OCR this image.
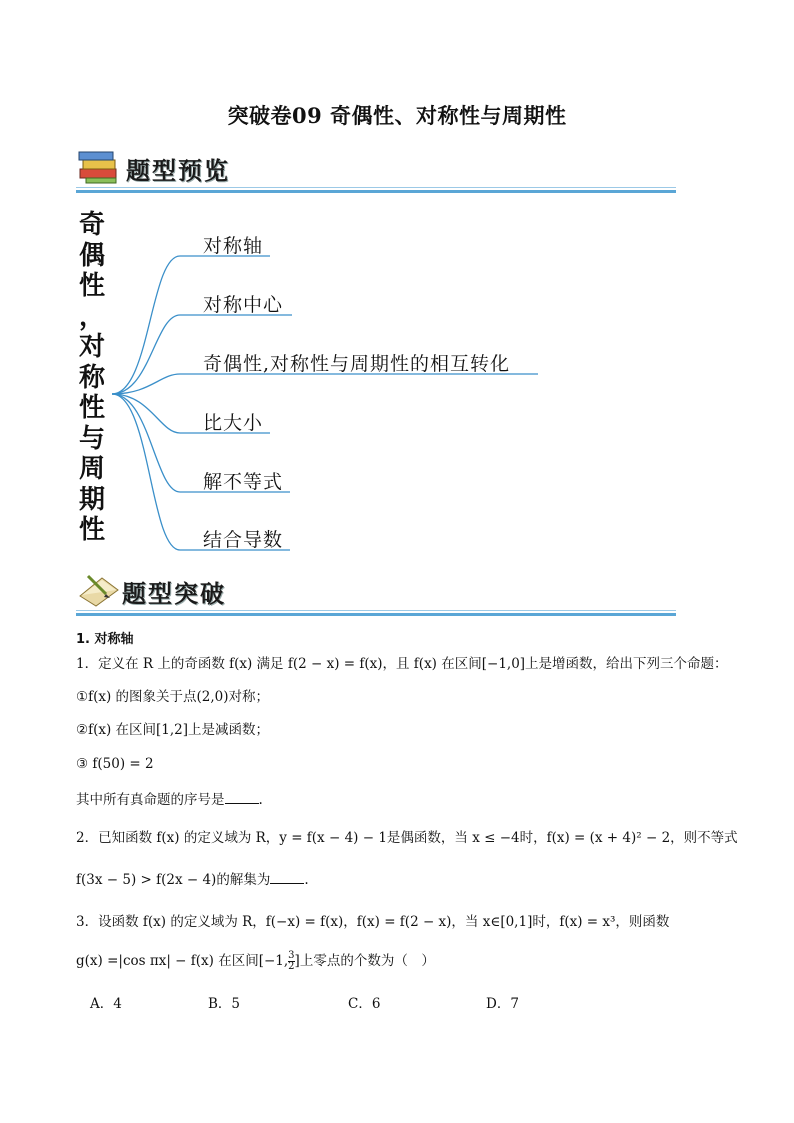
突破卷09 奇偶性、对称性与周期性
题型预览
奇
偶
性
，
对
称
性
与
周
期
性
对称轴
对称中心
奇偶性,对称性与周期性的相互转化
比大小
解不等式
结合导数
题型突破
1. 对称轴
1．定义在 R 上的奇函数 f(x) 满足 f(2 − x) = f(x)，且 f(x) 在区间[−1,0]上是增函数，给出下列三个命题：
①f(x) 的图象关于点(2,0)对称；
②f(x) 在区间[1,2]上是减函数；
③ f(50) = 2
其中所有真命题的序号是	.
2．已知函数 f(x) 的定义域为 R，y = f(x − 4) − 1是偶函数，当 x ≤ −4时，f(x) = (x + 4)² − 2，则不等式
f(3x − 5) > f(2x − 4)的解集为	.
3．设函数 f(x) 的定义域为 R，f(−x) = f(x)，f(x) = f(2 − x)，当 x∈[0,1]时，f(x) = x³，则函数
g(x) =|cos πx| − f(x) 在区间[−1, $\frac{3}{2}$ ]上零点的个数为（　）
A．4	B．5	C．6	D．7
